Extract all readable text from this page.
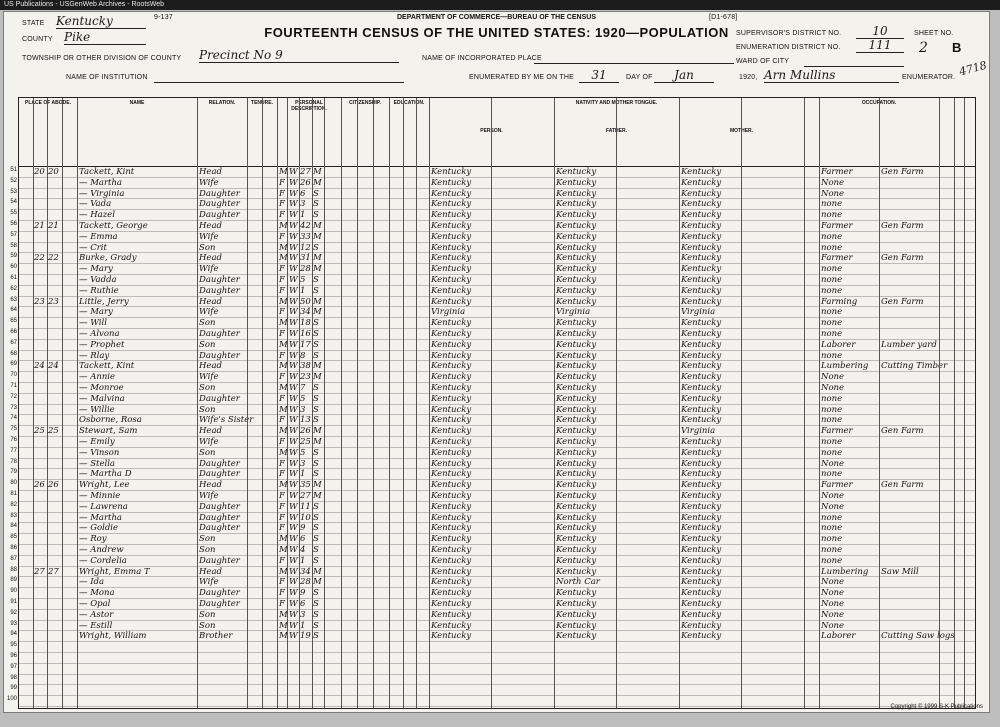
US Publications - USGenWeb Archives - RootsWeb
9-137	[D1-678]
DEPARTMENT OF COMMERCE—BUREAU OF THE CENSUS
FOURTEENTH CENSUS OF THE UNITED STATES: 1920—POPULATION
STATE Kentucky
COUNTY Pike
TOWNSHIP OR OTHER DIVISION OF COUNTY Precinct No 9
NAME OF INSTITUTION
NAME OF INCORPORATED PLACE
ENUMERATED BY ME ON THE	31	DAY OF	Jan	1920, Arn Mullins	ENUMERATOR.
SUPERVISOR'S DISTRICT NO.	10
ENUMERATION DISTRICT NO.	111
WARD OF CITY
SHEET NO.
2 B
4718
PLACE OF ABODE.	NAME	RELATION.	TENURE.	PERSONAL DESCRIPTION.
CITIZENSHIP.	EDUCATION.	NATIVITY AND MOTHER TONGUE.
PERSON.	FATHER.	MOTHER.
OCCUPATION.
51 20 20	Tackett, Kint	Head	M W 27 M	Kentucky	Kentucky	Kentucky	Farmer	Gen Farm
52	— Martha	Wife	F W 26 M	Kentucky	Kentucky	Kentucky	None
53	— Virginia	Daughter	F W 6 S	Kentucky	Kentucky	Kentucky	None
54	— Vada	Daughter	F W 3 S	Kentucky	Kentucky	Kentucky	none
55	— Hazel	Daughter	F W 1 S	Kentucky	Kentucky	Kentucky	none
56 21 21	Tackett, George	Head	M W 42 M	Kentucky	Kentucky	Kentucky	Farmer	Gen Farm
57	— Emma	Wife	F W 33 M	Kentucky	Kentucky	Kentucky	none
58	— Crit	Son	M W 12 S	Kentucky	Kentucky	Kentucky	none
59 22 22	Burke, Grady	Head	M W 31 M	Kentucky	Kentucky	Kentucky	Farmer	Gen Farm
60	— Mary	Wife	F W 28 M	Kentucky	Kentucky	Kentucky	none
61	— Vadda	Daughter	F W 5 S	Kentucky	Kentucky	Kentucky	none
62	— Ruthie	Daughter	F W 1 S	Kentucky	Kentucky	Kentucky	none
63 23 23	Little, Jerry	Head	M W 50 M	Kentucky	Kentucky	Kentucky	Farming	Gen Farm
64	— Mary	Wife	F W 34 M	Virginia	Virginia	Virginia	none
65	— Will	Son	M W 18 S	Kentucky	Kentucky	Kentucky	none
66	— Alvona	Daughter	F W 16 S	Kentucky	Kentucky	Kentucky	none
67	— Prophet	Son	M W 17 S	Kentucky	Kentucky	Kentucky	Laborer	Lumber yard
68	— Rlay	Daughter	F W 8 S	Kentucky	Kentucky	Kentucky	none
69 24 24	Tackett, Kint	Head	M W 38 M	Kentucky	Kentucky	Kentucky	Lumbering	Cutting Timber
70	— Annie	Wife	F W 23 M	Kentucky	Kentucky	Kentucky	None
71	— Monroe	Son	M W 7 S	Kentucky	Kentucky	Kentucky	None
72	— Malvina	Daughter	F W 5 S	Kentucky	Kentucky	Kentucky	none
73	— Willie	Son	M W 3 S	Kentucky	Kentucky	Kentucky	none
74	Osborne, Rosa	Wife's Sister	F W 13 S	Kentucky	Kentucky	Kentucky	none
75 25 25	Stewart, Sam	Head	M W 26 M	Kentucky	Kentucky	Virginia	Farmer	Gen Farm
76	— Emily	Wife	F W 25 M	Kentucky	Kentucky	Kentucky	none
77	— Vinson	Son	M W 5 S	Kentucky	Kentucky	Kentucky	none
78	— Stella	Daughter	F W 3 S	Kentucky	Kentucky	Kentucky	None
79	— Martha D	Daughter	F W 1 S	Kentucky	Kentucky	Kentucky	none
80 26 26	Wright, Lee	Head	M W 35 M	Kentucky	Kentucky	Kentucky	Farmer	Gen Farm
81	— Minnie	Wife	F W 27 M	Kentucky	Kentucky	Kentucky	None
82	— Lawrena	Daughter	F W 11 S	Kentucky	Kentucky	Kentucky	None
83	— Martha	Daughter	F W 10 S	Kentucky	Kentucky	Kentucky	none
84	— Goldie	Daughter	F W 9 S	Kentucky	Kentucky	Kentucky	none
85	— Roy	Son	M W 6 S	Kentucky	Kentucky	Kentucky	none
86	— Andrew	Son	M W 4 S	Kentucky	Kentucky	Kentucky	none
87	— Cordelia	Daughter	F W 1 S	Kentucky	Kentucky	Kentucky	none
88 27 27	Wright, Emma T	Head	M W 34 M	Kentucky	Kentucky	Kentucky	Lumbering	Saw Mill
89	— Ida	Wife	F W 28 M	Kentucky	North Car	Kentucky	None
90	— Mona	Daughter	F W 9 S	Kentucky	Kentucky	Kentucky	None
91	— Opal	Daughter	F W 6 S	Kentucky	Kentucky	Kentucky	None
92	— Astor	Son	M W 3 S	Kentucky	Kentucky	Kentucky	None
93	— Estill	Son	M W 1 S	Kentucky	Kentucky	Kentucky	None
94	Wright, William	Brother	M W 19 S	Kentucky	Kentucky	Kentucky	Laborer	Cutting Saw logs
95
96
97
98
99
100
Copyright © 1999 S-K Publications
